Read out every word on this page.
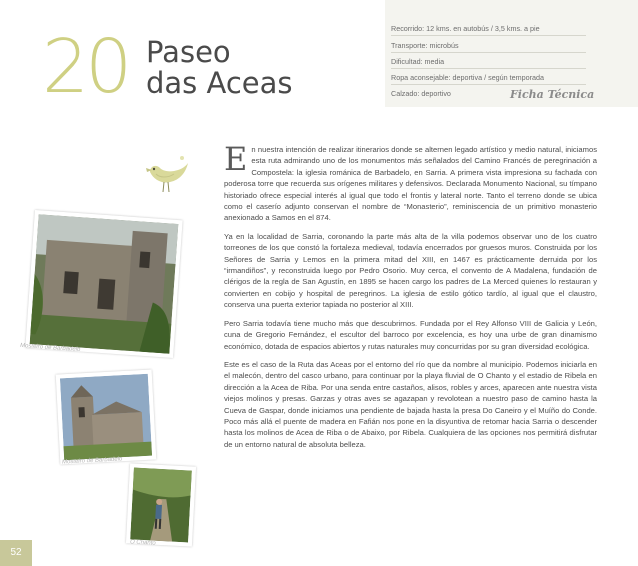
20 Paseo
das Aceas
Recorrido: 12 kms. en autobús / 3,5 kms. a pie
Transporte: microbús
Dificultad: media
Ropa aconsejable: deportiva / según temporada
Calzado: deportivo	Ficha Técnica
Mosteiro de Barbadelo
Mosteiro de Barbadelo
O Chanto

En nuestra intención de realizar itinerarios donde se alternen legado artístico y medio natural, iniciamos esta ruta admirando uno de los monumentos más señalados del Camino Francés de peregrinación a Compostela: la iglesia románica de Barbadelo, en Sarria. A primera vista impresiona su fachada con poderosa torre que recuerda sus orígenes militares y defensivos. Declarada Monumento Nacional, su tímpano historiado ofrece especial interés al igual que todo el frontis y lateral norte. Tanto el terreno donde se ubica como el caserío adjunto conservan el nombre de “Monasterio”, reminiscencia de un primitivo monasterio anexionado a Samos en el 874.

Ya en la localidad de Sarria, coronando la parte más alta de la villa podemos observar uno de los cuatro torreones de los que constó la fortaleza medieval, todavía encerrados por gruesos muros. Construida por los Señores de Sarria y Lemos en la primera mitad del XIII, en 1467 es prácticamente derruida por los “irmandiños”, y reconstruida luego por Pedro Osorio. Muy cerca, el convento de A Madalena, fundación de clérigos de la regla de San Agustín, en 1895 se hacen cargo los padres de La Merced quienes lo restauran y convierten en cobijo y hospital de peregrinos. La iglesia de estilo gótico tardío, al igual que el claustro, conserva una puerta exterior tapiada no posterior al XIII.

Pero Sarria todavía tiene mucho más que descubrirnos. Fundada por el Rey Alfonso VIII de Galicia y León, cuna de Gregorio Fernández, el escultor del barroco por excelencia, es hoy una urbe de gran dinamismo económico, dotada de espacios abiertos y rutas naturales muy concurridas por su gran diversidad ecológica.

Este es el caso de la Ruta das Aceas por el entorno del río que da nombre al municipio. Podemos iniciarla en el malecón, dentro del casco urbano, para continuar por la playa fluvial de O Chanto y el estadio de Ribela en dirección a la Acea de Riba. Por una senda entre castaños, alisos, robles y arces, aparecen ante nuestra vista viejos molinos y presas. Garzas y otras aves se agazapan y revolotean a nuestro paso de camino hasta la Cueva de Gaspar, donde iniciamos una pendiente de bajada hasta la presa Do Caneiro y el Muíño do Conde. Poco más allá el puente de madera en Fafián nos pone en la disyuntiva de retomar hacia Sarria o descender hasta los molinos de Acea de Riba o de Abaixo, por Ribela. Cualquiera de las opciones nos permitirá disfrutar de un entorno natural de absoluta belleza.

52
